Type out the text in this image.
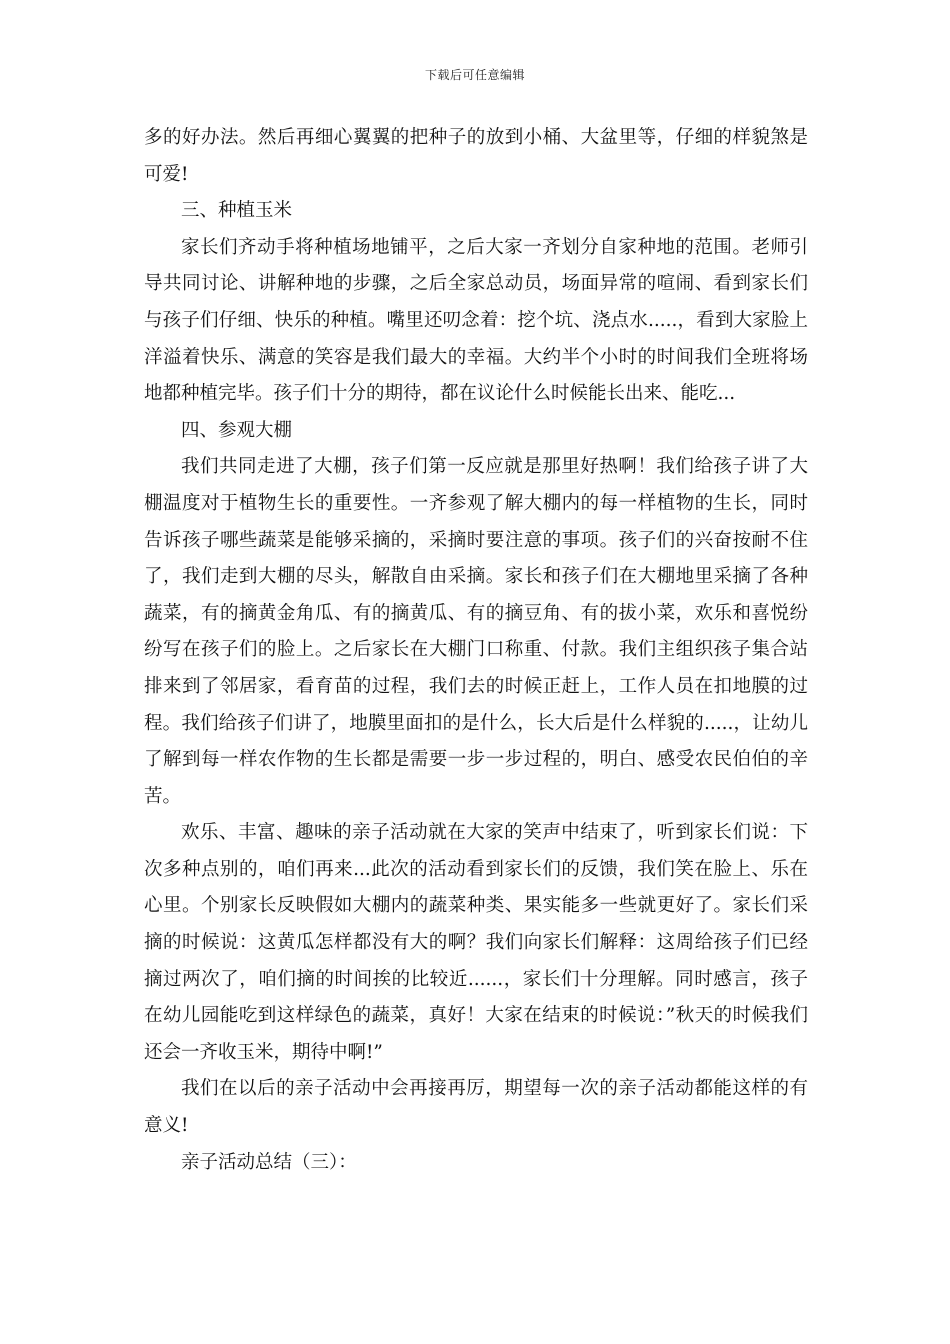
下载后可任意编辑

多的好办法。然后再细心翼翼的把种子的放到小桶、大盆里等，仔细的样貌煞是可爱!

三、种植玉米

家长们齐动手将种植场地铺平，之后大家一齐划分自家种地的范围。老师引导共同讨论、讲解种地的步骤，之后全家总动员，场面异常的喧闹、看到家长们与孩子们仔细、快乐的种植。嘴里还叨念着：挖个坑、浇点水.....，看到大家脸上洋溢着快乐、满意的笑容是我们最大的幸福。大约半个小时的时间我们全班将场地都种植完毕。孩子们十分的期待，都在议论什么时候能长出来、能吃...

四、参观大棚

我们共同走进了大棚，孩子们第一反应就是那里好热啊！我们给孩子讲了大棚温度对于植物生长的重要性。一齐参观了解大棚内的每一样植物的生长，同时告诉孩子哪些蔬菜是能够采摘的，采摘时要注意的事项。孩子们的兴奋按耐不住了，我们走到大棚的尽头，解散自由采摘。家长和孩子们在大棚地里采摘了各种蔬菜，有的摘黄金角瓜、有的摘黄瓜、有的摘豆角、有的拔小菜，欢乐和喜悦纷纷写在孩子们的脸上。之后家长在大棚门口称重、付款。我们主组织孩子集合站排来到了邻居家，看育苗的过程，我们去的时候正赶上，工作人员在扣地膜的过程。我们给孩子们讲了，地膜里面扣的是什么，长大后是什么样貌的.....，让幼儿了解到每一样农作物的生长都是需要一步一步过程的，明白、感受农民伯伯的辛苦。

欢乐、丰富、趣味的亲子活动就在大家的笑声中结束了，听到家长们说：下次多种点别的，咱们再来...此次的活动看到家长们的反馈，我们笑在脸上、乐在心里。个别家长反映假如大棚内的蔬菜种类、果实能多一些就更好了。家长们采摘的时候说：这黄瓜怎样都没有大的啊？我们向家长们解释：这周给孩子们已经摘过两次了，咱们摘的时间挨的比较近......，家长们十分理解。同时感言，孩子在幼儿园能吃到这样绿色的蔬菜，真好！大家在结束的时候说：”秋天的时候我们还会一齐收玉米，期待中啊!”

我们在以后的亲子活动中会再接再厉，期望每一次的亲子活动都能这样的有意义!

亲子活动总结（三）：
